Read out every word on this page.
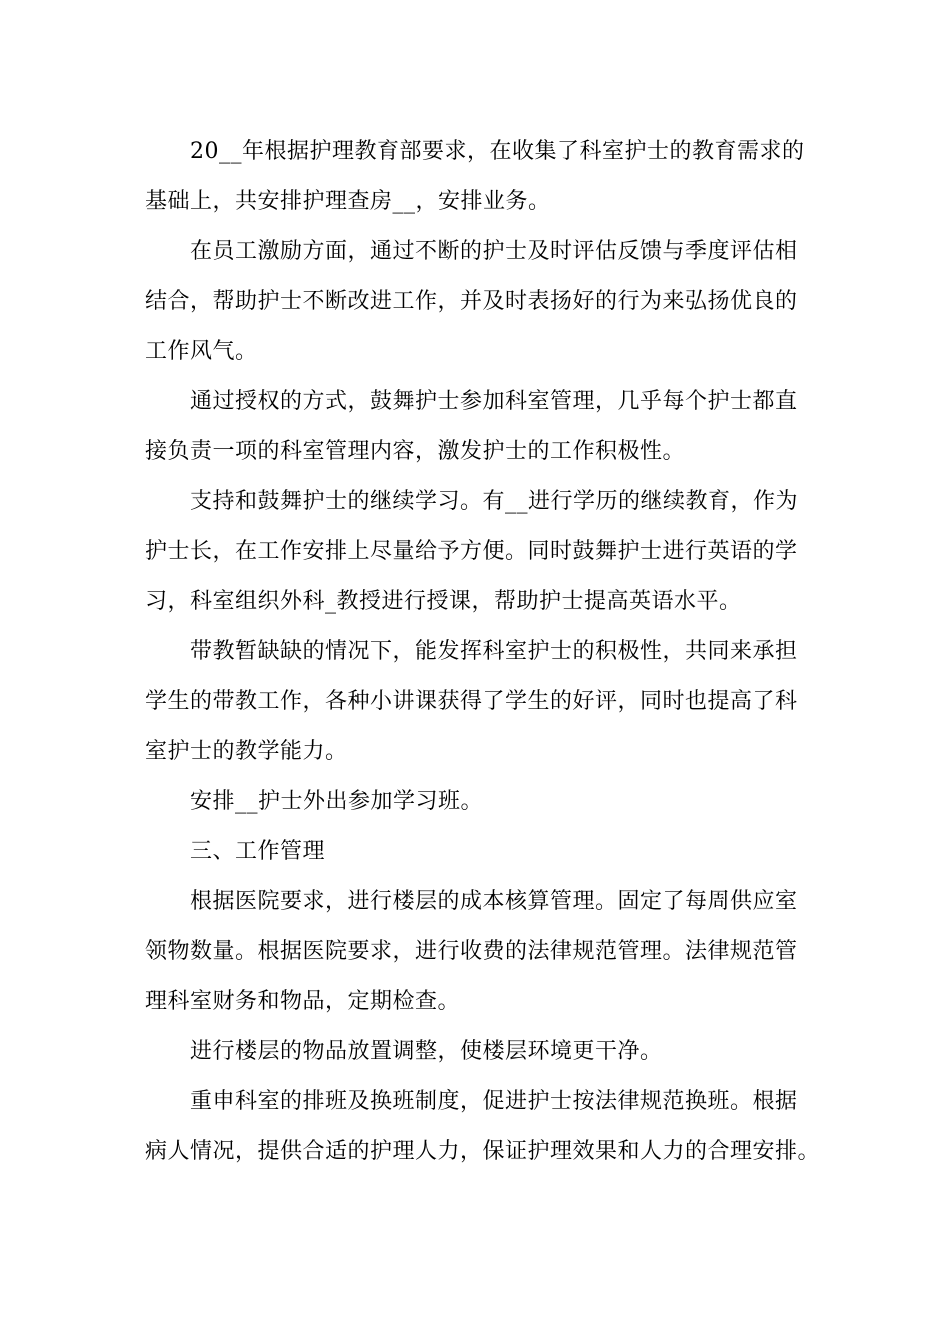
20__年根据护理教育部要求，在收集了科室护士的教育需求的
基础上，共安排护理查房__，安排业务。
在员工激励方面，通过不断的护士及时评估反馈与季度评估相
结合，帮助护士不断改进工作，并及时表扬好的行为来弘扬优良的
工作风气。
通过授权的方式，鼓舞护士参加科室管理，几乎每个护士都直
接负责一项的科室管理内容，激发护士的工作积极性。
支持和鼓舞护士的继续学习。有__进行学历的继续教育，作为
护士长，在工作安排上尽量给予方便。同时鼓舞护士进行英语的学
习，科室组织外科_教授进行授课，帮助护士提高英语水平。
带教暂缺缺的情况下，能发挥科室护士的积极性，共同来承担
学生的带教工作，各种小讲课获得了学生的好评，同时也提高了科
室护士的教学能力。
安排__护士外出参加学习班。
三、工作管理
根据医院要求，进行楼层的成本核算管理。固定了每周供应室
领物数量。根据医院要求，进行收费的法律规范管理。法律规范管
理科室财务和物品，定期检查。
进行楼层的物品放置调整，使楼层环境更干净。
重申科室的排班及换班制度，促进护士按法律规范换班。根据
病人情况，提供合适的护理人力，保证护理效果和人力的合理安排。
